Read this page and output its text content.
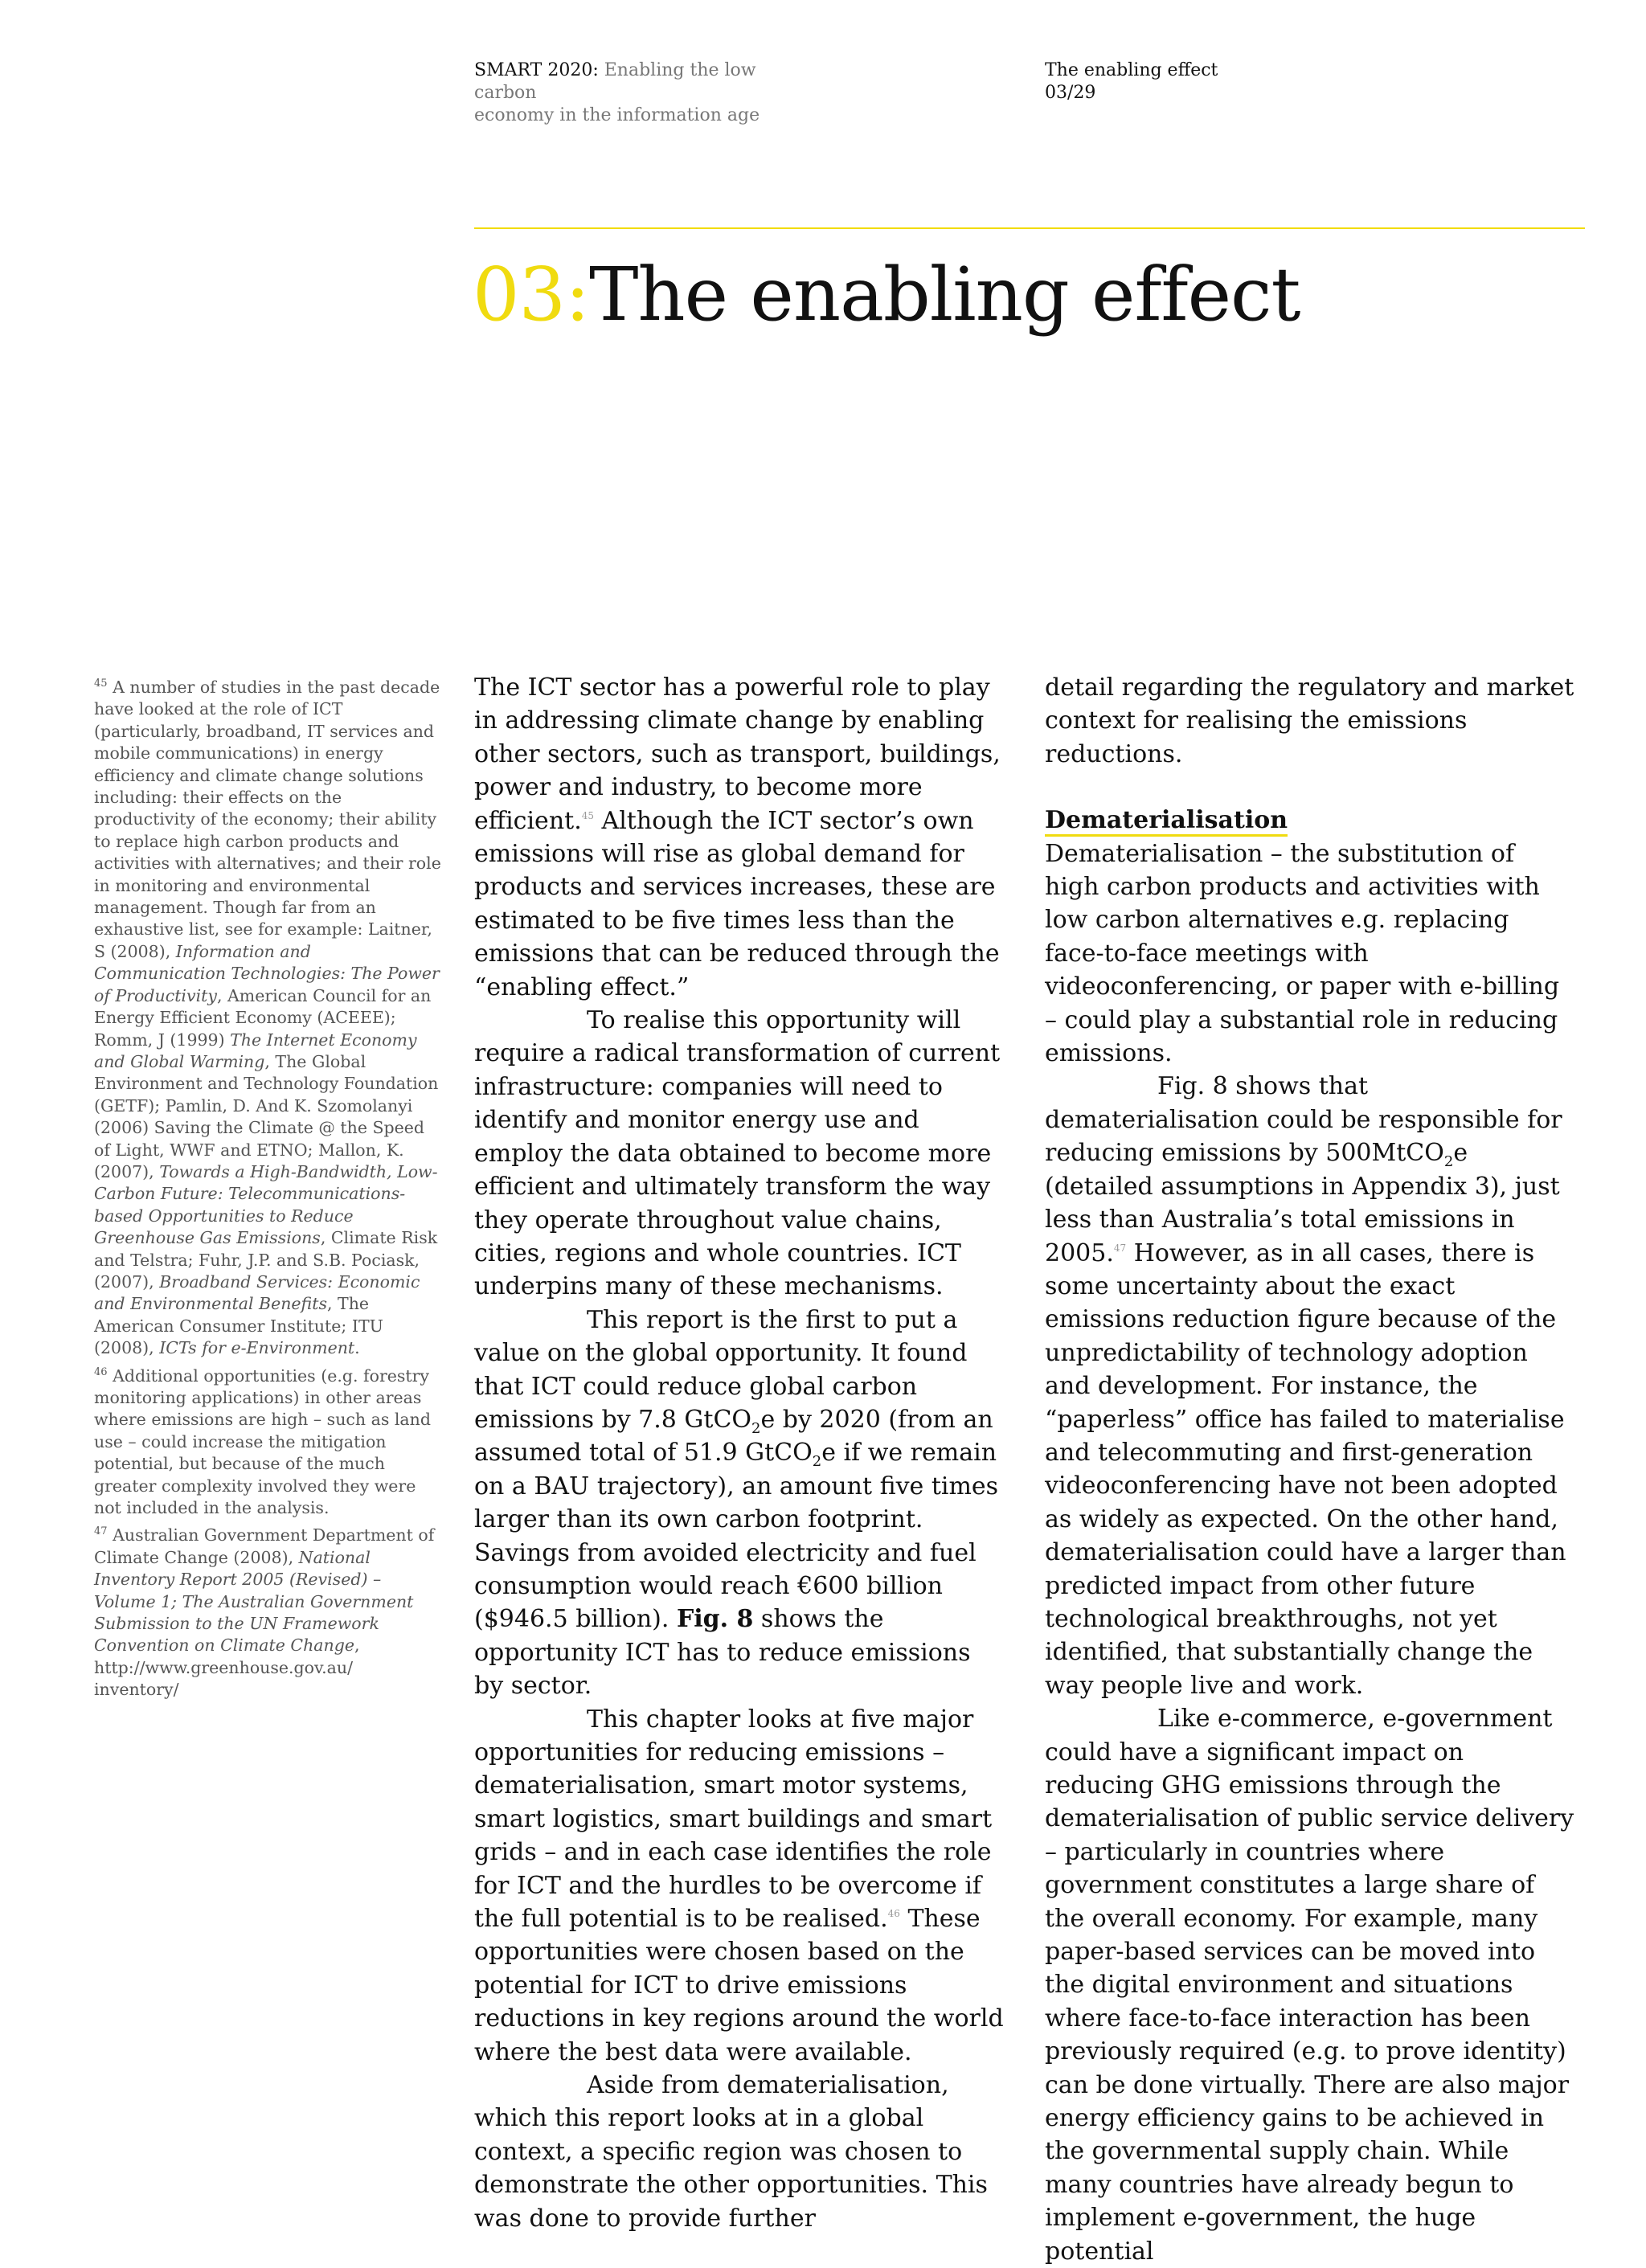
SMART 2020: Enabling the low carbon
economy in the information age
The enabling effect
03/29
03:The enabling effect

$^{45}$ A number of studies in the past decade have looked at the role of ICT (particularly, broadband, IT services and mobile communications) in energy efficiency and climate change solutions including: their effects on the productivity of the economy; their ability to replace high carbon products and activities with alternatives; and their role in monitoring and environmental management. Though far from an exhaustive list, see for example: Laitner, S (2008), Information and Communication Technologies: The Power of Productivity, American Council for an Energy Efficient Economy (ACEEE); Romm, J (1999) The Internet Economy and Global Warming, The Global Environment and Technology Foundation (GETF); Pamlin, D. And K. Szomolanyi (2006) Saving the Climate @ the Speed of Light, WWF and ETNO; Mallon, K. (2007), Towards a High-Bandwidth, Low-Carbon Future: Telecommunications-based Opportunities to Reduce Greenhouse Gas Emissions, Climate Risk and Telstra; Fuhr, J.P. and S.B. Pociask, (2007), Broadband Services: Economic and Environmental Benefits, The American Consumer Institute; ITU (2008), ICTs for e-Environment.

$^{46}$ Additional opportunities (e.g. forestry monitoring applications) in other areas where emissions are high – such as land use – could increase the mitigation potential, but because of the much greater complexity involved they were not included in the analysis.

$^{47}$ Australian Government Department of Climate Change (2008), National Inventory Report 2005 (Revised) – Volume 1; The Australian Government Submission to the UN Framework Convention on Climate Change, http://www.greenhouse.gov.au/ inventory/

The ICT sector has a powerful role to play in addressing climate change by enabling other sectors, such as transport, buildings, power and industry, to become more efficient.$^{45}$ Although the ICT sector’s own emissions will rise as global demand for products and services increases, these are estimated to be five times less than the emissions that can be reduced through the “enabling effect.”

To realise this opportunity will require a radical transformation of current infrastructure: companies will need to identify and monitor energy use and employ the data obtained to become more efficient and ultimately transform the way they operate throughout value chains, cities, regions and whole countries. ICT underpins many of these mechanisms.

This report is the first to put a value on the global opportunity. It found that ICT could reduce global carbon emissions by 7.8 GtCO$_2$e by 2020 (from an assumed total of 51.9 GtCO$_2$e if we remain on a BAU trajectory), an amount five times larger than its own carbon footprint. Savings from avoided electricity and fuel consumption would reach €600 billion ($946.5 billion). Fig. 8 shows the opportunity ICT has to reduce emissions by sector.

This chapter looks at five major opportunities for reducing emissions – dematerialisation, smart motor systems, smart logistics, smart buildings and smart grids – and in each case identifies the role for ICT and the hurdles to be overcome if the full potential is to be realised.$^{46}$ These opportunities were chosen based on the potential for ICT to drive emissions reductions in key regions around the world where the best data were available.

Aside from dematerialisation, which this report looks at in a global context, a specific region was chosen to demonstrate the other opportunities. This was done to provide further

detail regarding the regulatory and market context for realising the emissions reductions.

Dematerialisation

Dematerialisation – the substitution of high carbon products and activities with low carbon alternatives e.g. replacing face-to-face meetings with videoconferencing, or paper with e-billing – could play a substantial role in reducing emissions.

Fig. 8 shows that dematerialisation could be responsible for reducing emissions by 500MtCO$_2$e (detailed assumptions in Appendix 3), just less than Australia’s total emissions in 2005.47 However, as in all cases, there is some uncertainty about the exact emissions reduction figure because of the unpredictability of technology adoption and development. For instance, the “paperless” office has failed to materialise and telecommuting and first-generation videoconferencing have not been adopted as widely as expected. On the other hand, dematerialisation could have a larger than predicted impact from other future technological breakthroughs, not yet identified, that substantially change the way people live and work.

Like e-commerce, e-government could have a significant impact on reducing GHG emissions through the dematerialisation of public service delivery – particularly in countries where government constitutes a large share of the overall economy. For example, many paper-based services can be moved into the digital environment and situations where face-to-face interaction has been previously required (e.g. to prove identity) can be done virtually. There are also major energy efficiency gains to be achieved in the governmental supply chain. While many countries have already begun to implement e-government, the huge potential
